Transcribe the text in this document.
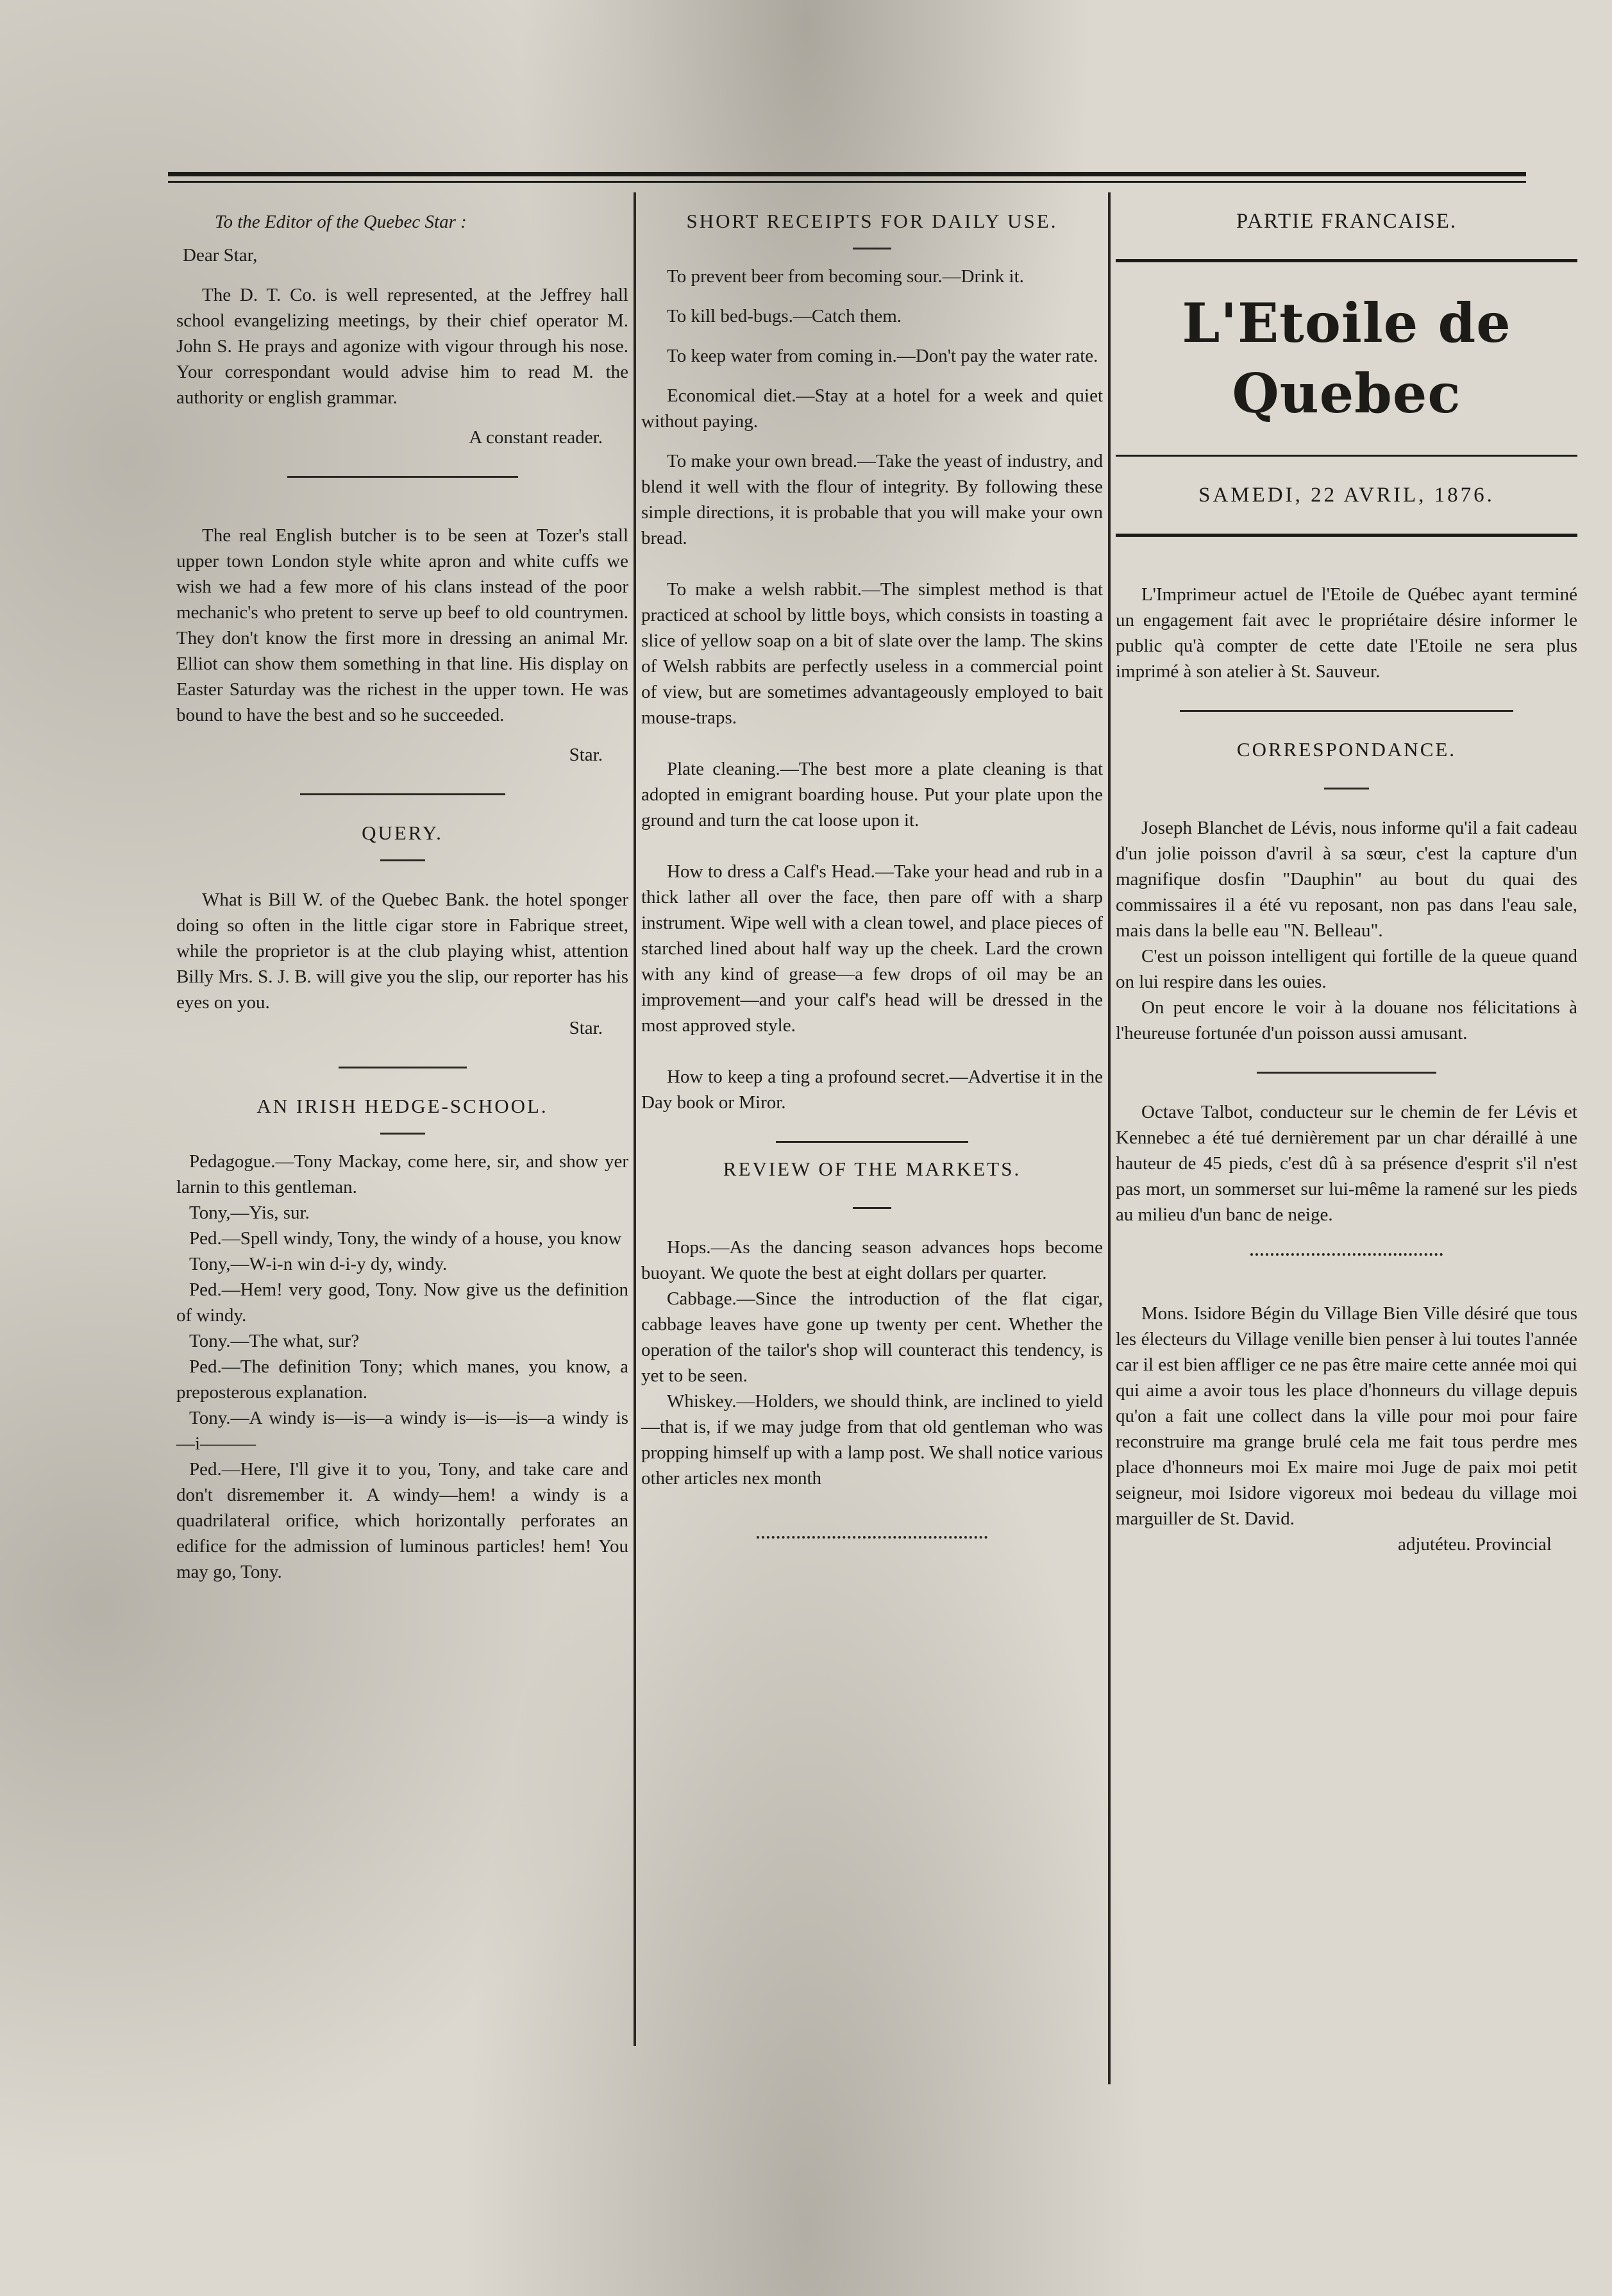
To the Editor of the Quebec Star :

Dear Star,

The D. T. Co. is well represented, at the Jeffrey hall school evangelizing meetings, by their chief operator M. John S. He prays and agonize with vigour through his nose. Your correspondant would advise him to read M. the authority or english grammar.

A constant reader.

The real English butcher is to be seen at Tozer's stall upper town London style white apron and white cuffs we wish we had a few more of his clans instead of the poor mechanic's who pretent to serve up beef to old countrymen. They don't know the first more in dressing an animal Mr. Elliot can show them something in that line. His display on Easter Saturday was the richest in the upper town. He was bound to have the best and so he succeeded.

Star.

QUERY.

What is Bill W. of the Quebec Bank. the hotel sponger doing so often in the little cigar store in Fabrique street, while the proprietor is at the club playing whist, attention Billy Mrs. S. J. B. will give you the slip, our reporter has his eyes on you.

Star.

AN IRISH HEDGE-SCHOOL.

Pedagogue.—Tony Mackay, come here, sir, and show yer larnin to this gentleman.

Tony,—Yis, sur.

Ped.—Spell windy, Tony, the windy of a house, you know

Tony,—W-i-n win d-i-y dy, windy.

Ped.—Hem! very good, Tony. Now give us the definition of windy.

Tony.—The what, sur?

Ped.—The definition Tony; which manes, you know, a preposterous explanation.

Tony.—A windy is—is—a windy is—is—is—a windy is—i———

Ped.—Here, I'll give it to you, Tony, and take care and don't disremember it. A windy—hem! a windy is a quadrilateral orifice, which horizontally perforates an edifice for the admission of luminous particles! hem! You may go, Tony.

SHORT RECEIPTS FOR DAILY USE.

To prevent beer from becoming sour.—Drink it.

To kill bed-bugs.—Catch them.

To keep water from coming in.—Don't pay the water rate.

Economical diet.—Stay at a hotel for a week and quiet without paying.

To make your own bread.—Take the yeast of industry, and blend it well with the flour of integrity. By following these simple directions, it is probable that you will make your own bread.

To make a welsh rabbit.—The simplest method is that practiced at school by little boys, which consists in toasting a slice of yellow soap on a bit of slate over the lamp. The skins of Welsh rabbits are perfectly useless in a commercial point of view, but are sometimes advantageously employed to bait mouse-traps.

Plate cleaning.—The best more a plate cleaning is that adopted in emigrant boarding house. Put your plate upon the ground and turn the cat loose upon it.

How to dress a Calf's Head.—Take your head and rub in a thick lather all over the face, then pare off with a sharp instrument. Wipe well with a clean towel, and place pieces of starched lined about half way up the cheek. Lard the crown with any kind of grease—a few drops of oil may be an improvement—and your calf's head will be dressed in the most approved style.

How to keep a ting a profound secret.—Advertise it in the Day book or Miror.

REVIEW OF THE MARKETS.

Hops.—As the dancing season advances hops become buoyant. We quote the best at eight dollars per quarter.

Cabbage.—Since the introduction of the flat cigar, cabbage leaves have gone up twenty per cent. Whether the operation of the tailor's shop will counteract this tendency, is yet to be seen.

Whiskey.—Holders, we should think, are inclined to yield—that is, if we may judge from that old gentleman who was propping himself up with a lamp post. We shall notice various other articles nex month

PARTIE FRANCAISE.

L'Etoile de Quebec

SAMEDI, 22 AVRIL, 1876.

L'Imprimeur actuel de l'Etoile de Québec ayant terminé un engagement fait avec le propriétaire désire informer le public qu'à compter de cette date l'Etoile ne sera plus imprimé à son atelier à St. Sauveur.

CORRESPONDANCE.

Joseph Blanchet de Lévis, nous informe qu'il a fait cadeau d'un jolie poisson d'avril à sa sœur, c'est la capture d'un magnifique dosfin "Dauphin" au bout du quai des commissaires il a été vu reposant, non pas dans l'eau sale, mais dans la belle eau "N. Belleau".

C'est un poisson intelligent qui fortille de la queue quand on lui respire dans les ouies.

On peut encore le voir à la douane nos félicitations à l'heureuse fortunée d'un poisson aussi amusant.

Octave Talbot, conducteur sur le chemin de fer Lévis et Kennebec a été tué dernièrement par un char déraillé à une hauteur de 45 pieds, c'est dû à sa présence d'esprit s'il n'est pas mort, un sommerset sur lui-même la ramené sur les pieds au milieu d'un banc de neige.

Mons. Isidore Bégin du Village Bien Ville désiré que tous les électeurs du Village venille bien penser à lui toutes l'année car il est bien affliger ce ne pas être maire cette année moi qui qui aime a avoir tous les place d'honneurs du village depuis qu'on a fait une collect dans la ville pour moi pour faire reconstruire ma grange brulé cela me fait tous perdre mes place d'honneurs moi Ex maire moi Juge de paix moi petit seigneur, moi Isidore vigoreux moi bedeau du village moi marguiller de St. David.

adjutéteu. Provincial
